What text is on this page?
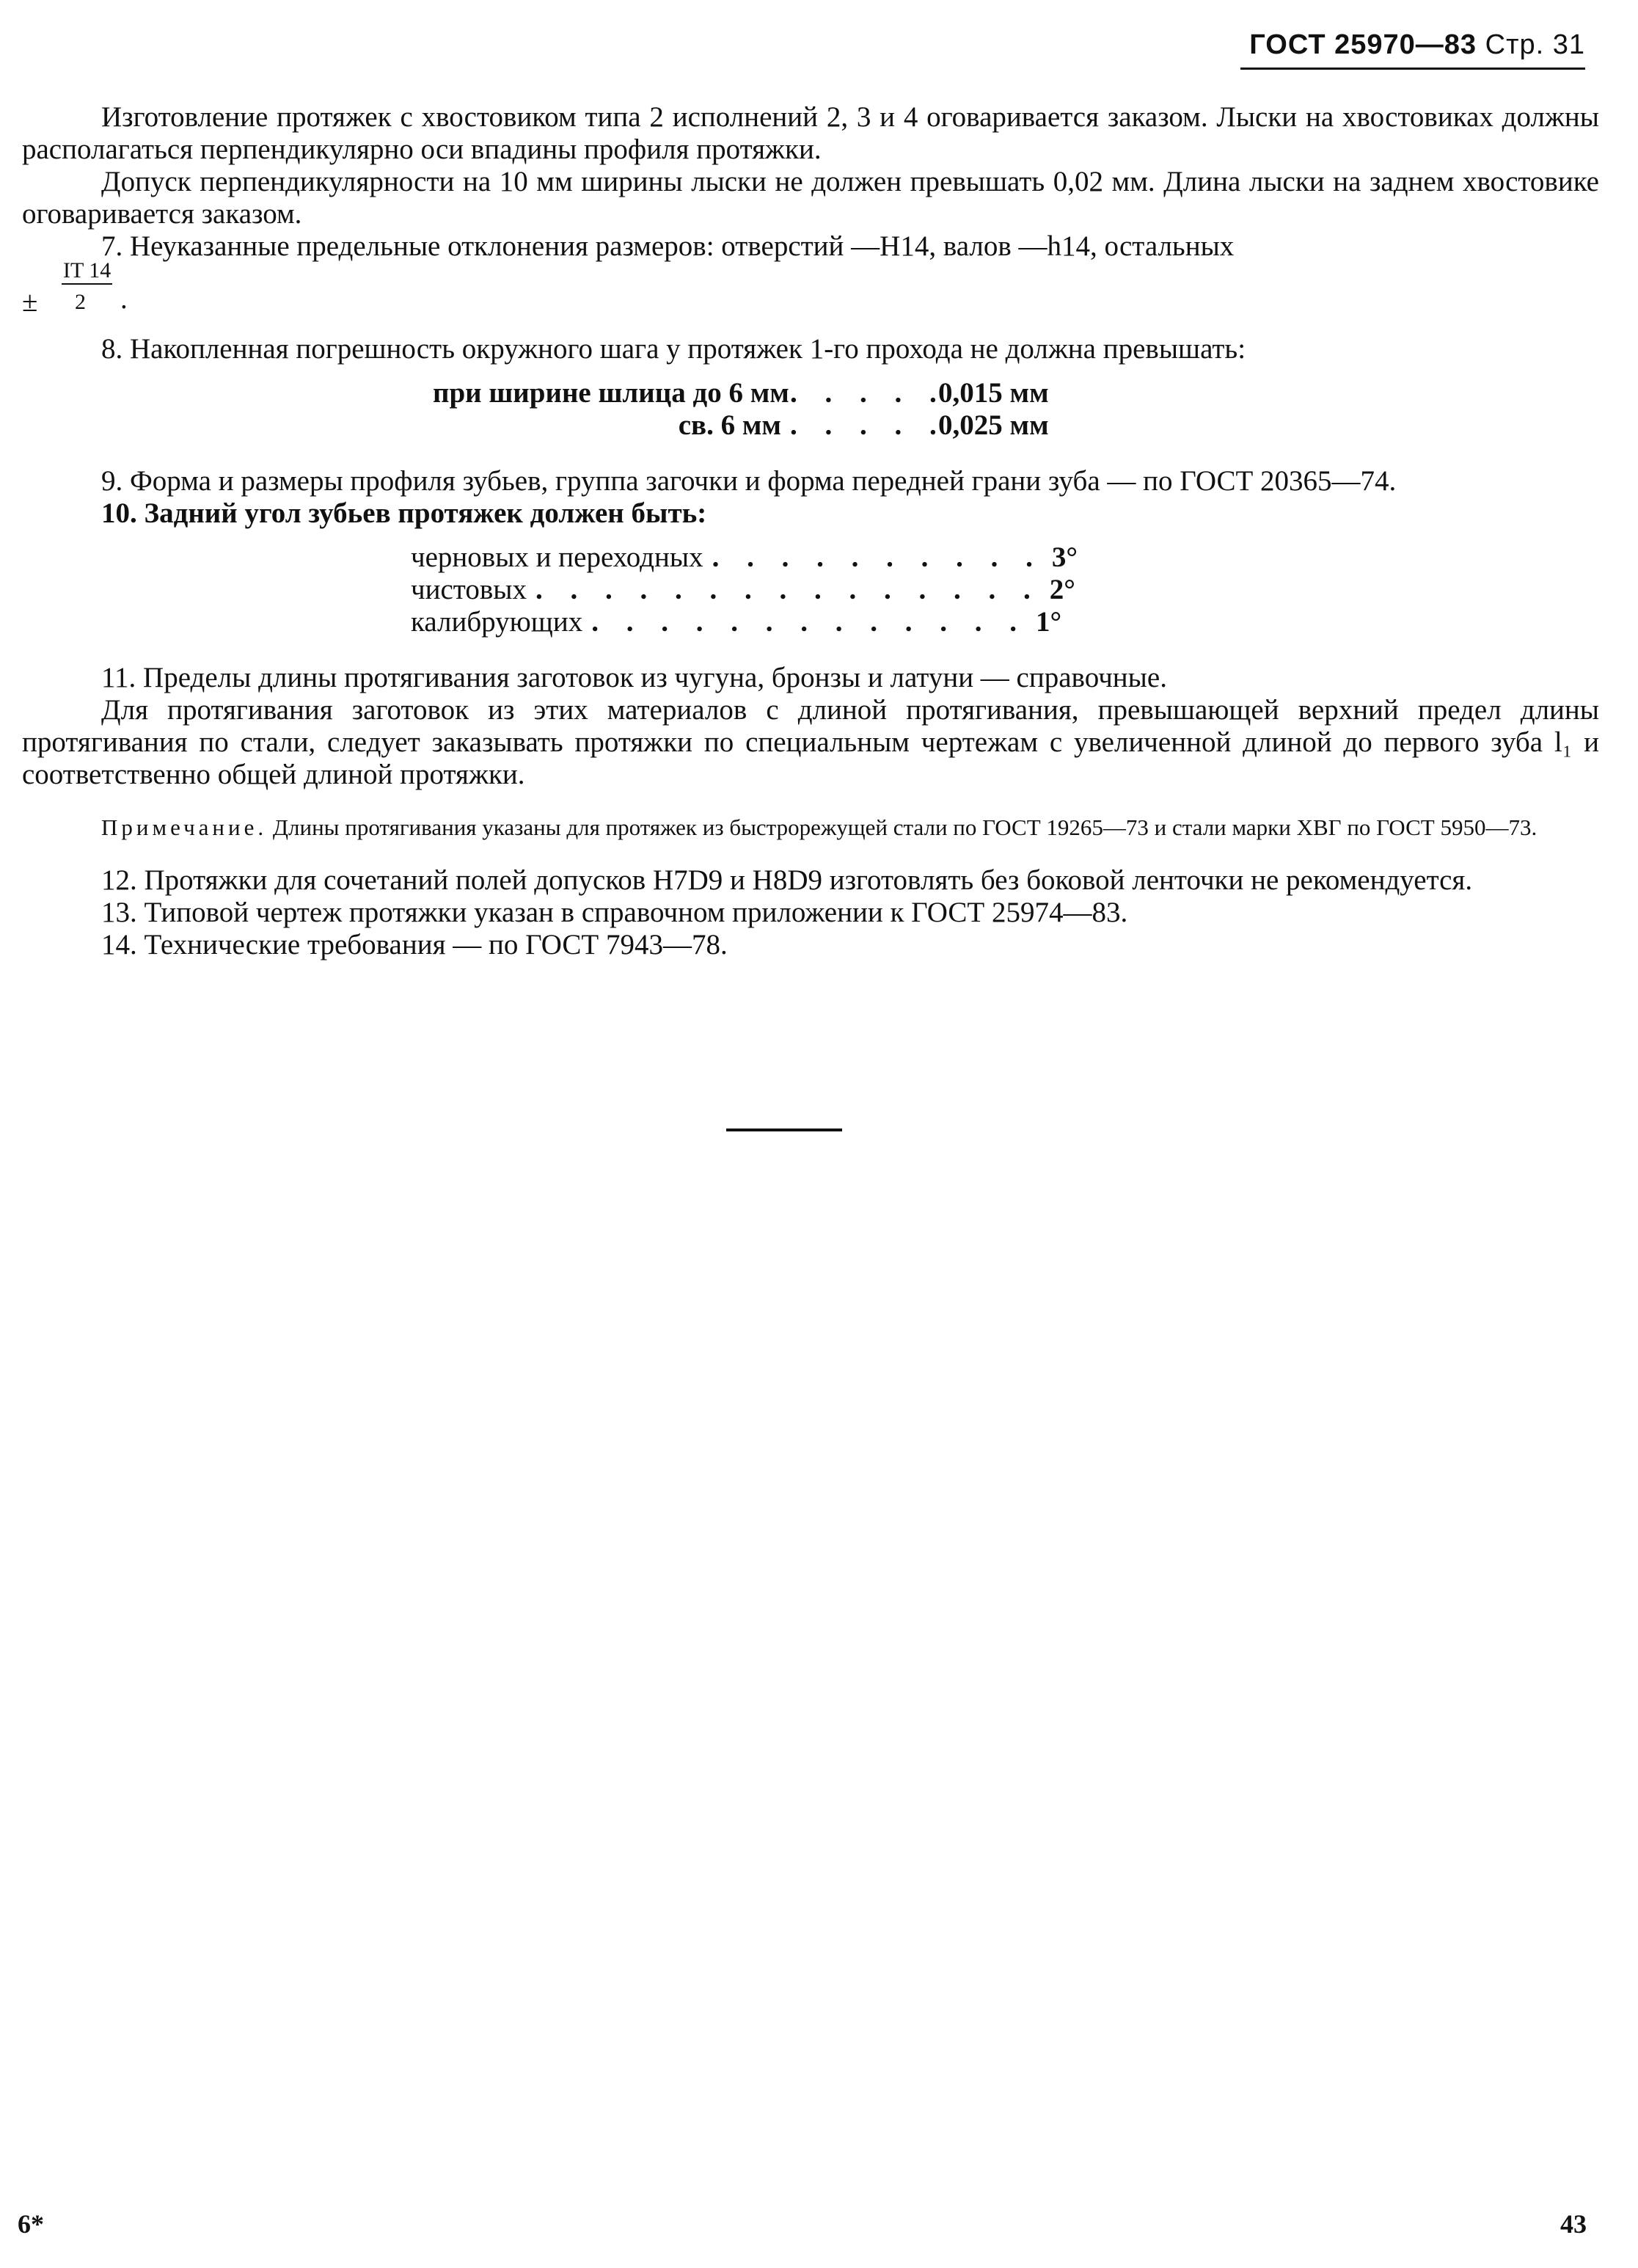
ГОСТ 25970—83 Стр. 31

Изготовление протяжек с хвостовиком типа 2 исполнений 2, 3 и 4 оговаривается заказом. Лыски на хвостовиках должны располагаться перпендикулярно оси впадины профиля протяжки.

Допуск перпендикулярности на 10 мм ширины лыски не должен превышать 0,02 мм. Длина лыски на заднем хвостовике оговаривается заказом.

7. Неуказанные предельные отклонения размеров: отверстий —H14, валов —h14, остальных

±
IT 14
2 .

8. Накопленная погрешность окружного шага у протяжек 1-го прохода не должна превышать:

при ширине шлица до 6 мм . . . . .
0,015 мм
св. 6 мм . . . . .
0,025 мм

9. Форма и размеры профиля зубьев, группа загочки и форма передней грани зуба — по ГОСТ 20365—74.

10. Задний угол зубьев протяжек должен быть:

черновых и переходных . . . . . . . . . . 3°
чистовых . . . . . . . . . . . . . . . 2°
калибрующих . . . . . . . . . . . . . 1°

11. Пределы длины протягивания заготовок из чугуна, бронзы и латуни — справочные.

Для протягивания заготовок из этих материалов с длиной протягивания, превышающей верхний предел длины протягивания по стали, следует заказывать протяжки по специальным чертежам с увеличенной длиной до первого зуба l₁ и соответственно общей длиной протяжки.

Примечание. Длины протягивания указаны для протяжек из быстрорежущей стали по ГОСТ 19265—73 и стали марки ХВГ по ГОСТ 5950—73.

12. Протяжки для сочетаний полей допусков H7D9 и H8D9 изготовлять без боковой ленточки не рекомендуется.

13. Типовой чертеж протяжки указан в справочном приложении к ГОСТ 25974—83.

14. Технические требования — по ГОСТ 7943—78.

6*	43
